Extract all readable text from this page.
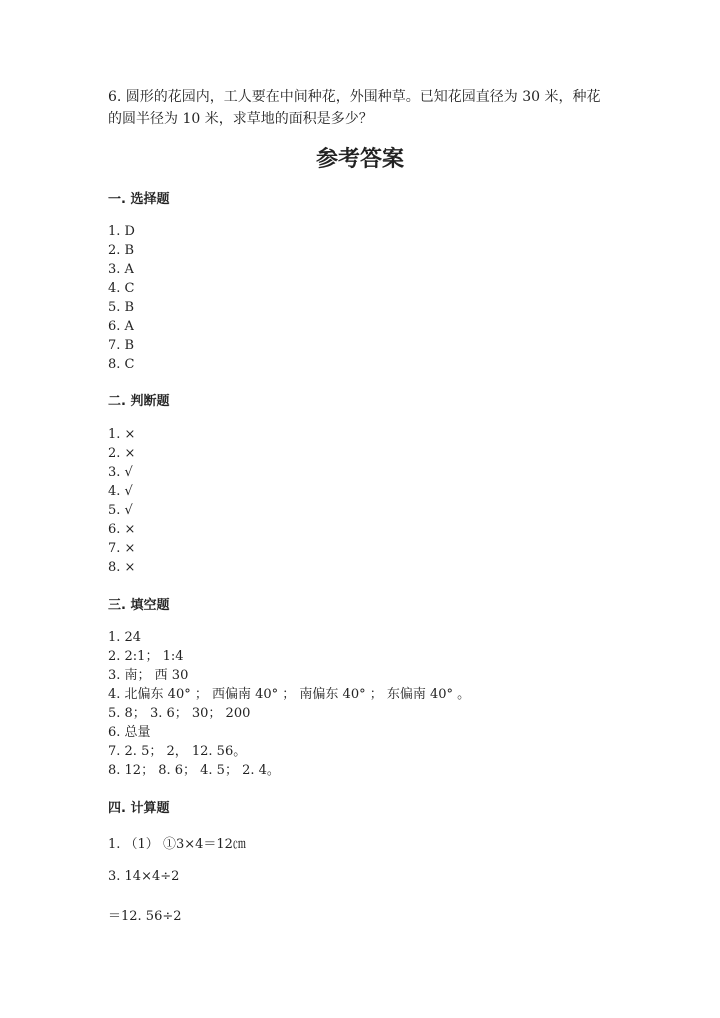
6. 圆形的花园内，工人要在中间种花，外围种草。已知花园直径为 30 米，种花
的圆半径为 10 米，求草地的面积是多少？
参考答案
一. 选择题
1. D
2. B
3. A
4. C
5. B
6. A
7. B
8. C
二. 判断题
1. ×
2. ×
3. √
4. √
5. √
6. ×
7. ×
8. ×
三. 填空题
1. 24
2. 2:1； 1:4
3. 南； 西 30
4. 北偏东 40° ； 西偏南 40° ； 南偏东 40° ； 东偏南 40° 。
5. 8； 3. 6； 30； 200
6. 总量
7. 2. 5； 2， 12. 56。
8. 12； 8. 6； 4. 5； 2. 4。
四. 计算题
1. （1） ①3×4＝12㎝
3. 14×4÷2
＝12. 56÷2
